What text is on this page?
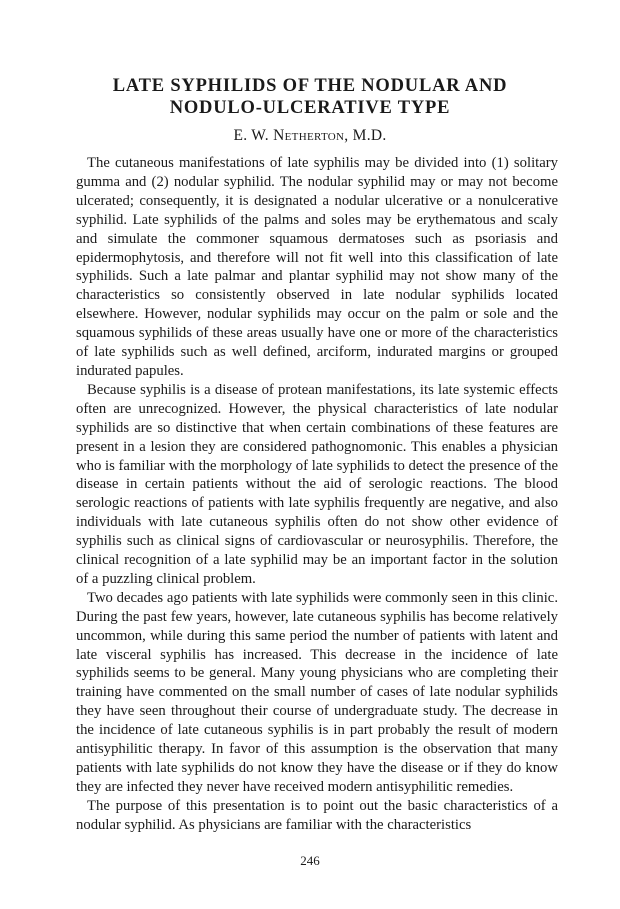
LATE SYPHILIDS OF THE NODULAR AND
NODULO-ULCERATIVE TYPE
E. W. Netherton, M.D.

The cutaneous manifestations of late syphilis may be divided into (1) solitary gumma and (2) nodular syphilid. The nodular syphilid may or may not become ulcerated; consequently, it is designated a nodular ulcerative or a nonulcerative syphilid. Late syphilids of the palms and soles may be erythematous and scaly and simulate the commoner squamous dermatoses such as psoriasis and epidermophytosis, and therefore will not fit well into this classification of late syphilids. Such a late palmar and plantar syphilid may not show many of the characteristics so consistently observed in late nodular syphilids located elsewhere. However, nodular syphilids may occur on the palm or sole and the squamous syphilids of these areas usually have one or more of the characteristics of late syphilids such as well defined, arciform, indurated margins or grouped indurated papules.

Because syphilis is a disease of protean manifestations, its late systemic effects often are unrecognized. However, the physical characteristics of late nodular syphilids are so distinctive that when certain combinations of these features are present in a lesion they are considered pathognomonic. This enables a physician who is familiar with the morphology of late syphilids to detect the presence of the disease in certain patients without the aid of serologic reactions. The blood serologic reactions of patients with late syphilis frequently are negative, and also individuals with late cutaneous syphilis often do not show other evidence of syphilis such as clinical signs of cardiovascular or neurosyphilis. Therefore, the clinical recognition of a late syphilid may be an important factor in the solution of a puzzling clinical problem.

Two decades ago patients with late syphilids were commonly seen in this clinic. During the past few years, however, late cutaneous syphilis has become relatively uncommon, while during this same period the number of patients with latent and late visceral syphilis has increased. This decrease in the incidence of late syphilids seems to be general. Many young physicians who are completing their training have commented on the small number of cases of late nodular syphilids they have seen throughout their course of undergraduate study. The decrease in the incidence of late cutaneous syphilis is in part probably the result of modern antisyphilitic therapy. In favor of this assumption is the observation that many patients with late syphilids do not know they have the disease or if they do know they are infected they never have received modern antisyphilitic remedies.

The purpose of this presentation is to point out the basic characteristics of a nodular syphilid. As physicians are familiar with the characteristics

246
